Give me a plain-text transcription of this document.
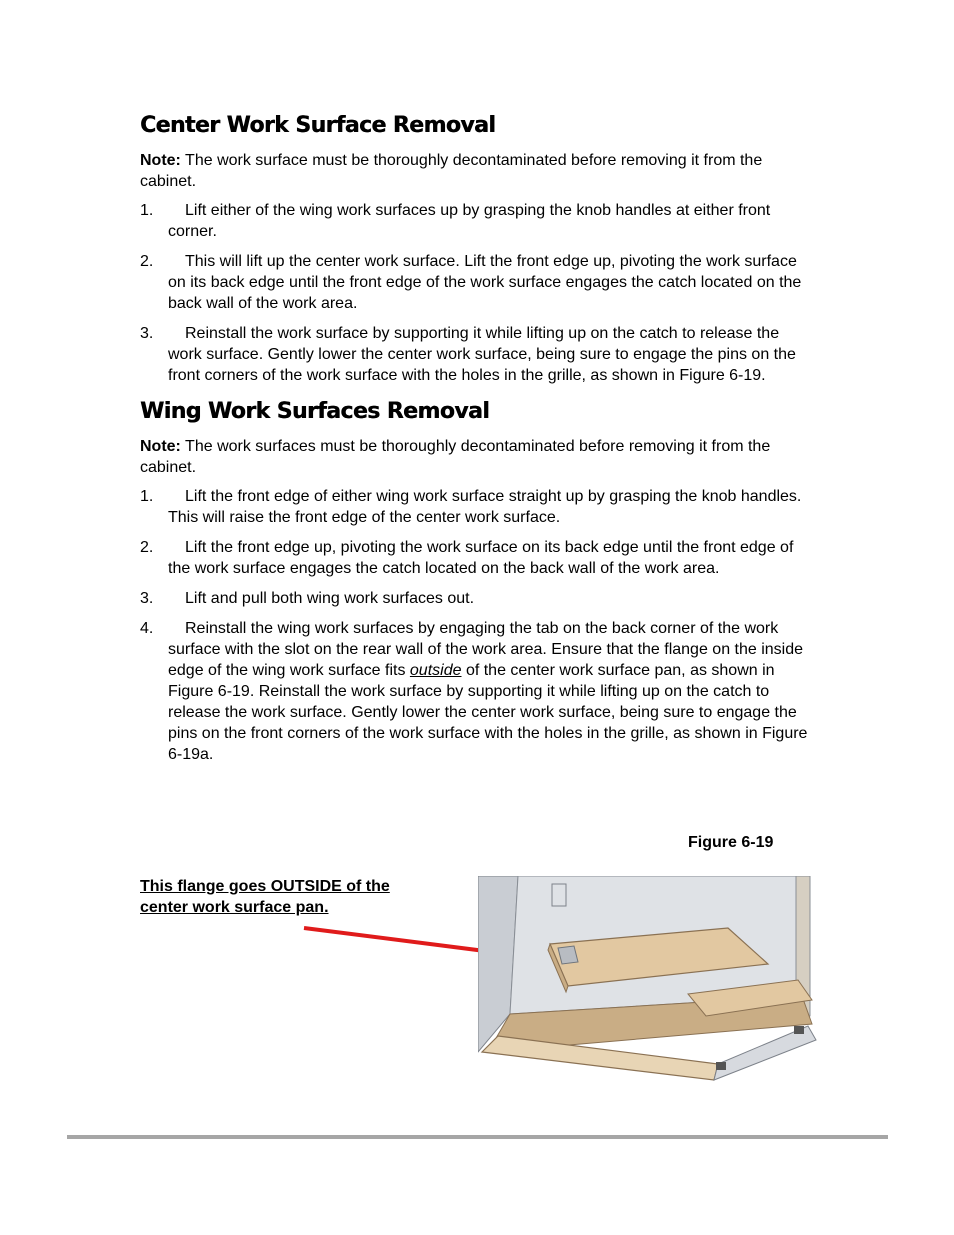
Center Work Surface Removal

Note: The work surface must be thoroughly decontaminated before removing it from the cabinet.

1.	Lift either of the wing work surfaces up by grasping the knob handles at either front corner.
2.	This will lift up the center work surface. Lift the front edge up, pivoting the work surface on its back edge until the front edge of the work surface engages the catch located on the back wall of the work area.
3.	Reinstall the work surface by supporting it while lifting up on the catch to release the work surface. Gently lower the center work surface, being sure to engage the pins on the front corners of the work surface with the holes in the grille, as shown in Figure 6-19.
Wing Work Surfaces Removal

Note: The work surfaces must be thoroughly decontaminated before removing it from the cabinet.

1.	Lift the front edge of either wing work surface straight up by grasping the knob handles. This will raise the front edge of the center work surface.
2.	Lift the front edge up, pivoting the work surface on its back edge until the front edge of the work surface engages the catch located on the back wall of the work area.
3.	Lift and pull both wing work surfaces out.
4.	Reinstall the wing work surfaces by engaging the tab on the back corner of the work surface with the slot on the rear wall of the work area. Ensure that the flange on the inside edge of the wing work surface fits outside of the center work surface pan, as shown in Figure 6-19. Reinstall the work surface by supporting it while lifting up on the catch to release the work surface. Gently lower the center work surface, being sure to engage the pins on the front corners of the work surface with the holes in the grille, as shown in Figure 6-19a.
Figure 6-19
This flange goes OUTSIDE of the
center work surface pan.
